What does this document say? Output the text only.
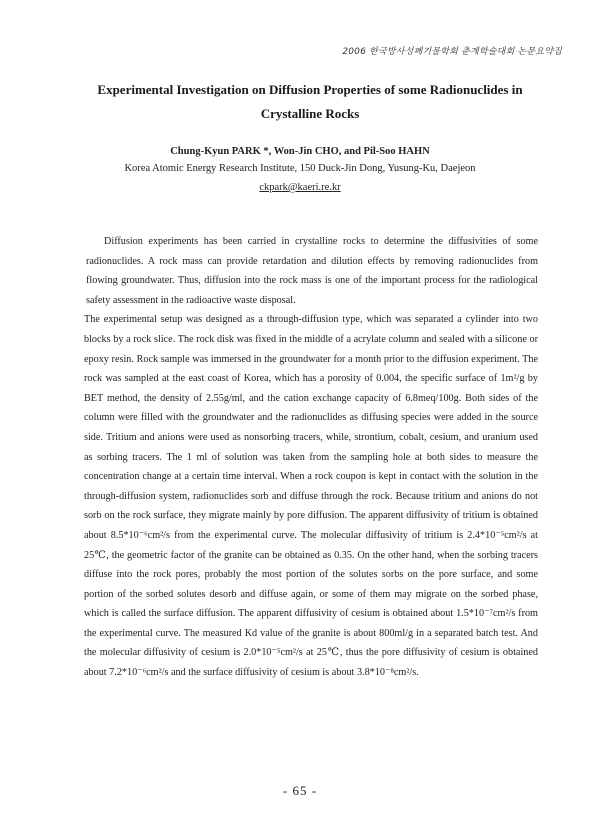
2006 한국방사성폐기물학회 춘계학술대회 논문요약집
Experimental Investigation on Diffusion Properties of some Radionuclides in
Crystalline Rocks
Chung-Kyun PARK *, Won-Jin CHO, and Pil-Soo HAHN
Korea Atomic Energy Research Institute, 150 Duck-Jin Dong, Yusung-Ku, Daejeon
ckpark@kaeri.re.kr

Diffusion experiments has been carried in crystalline rocks to determine the diffusivities of some radionuclides. A rock mass can provide retardation and dilution effects by removing radionuclides from flowing groundwater. Thus, diffusion into the rock mass is one of the important process for the radiological safety assessment in the radioactive waste disposal.

The experimental setup was designed as a through-diffusion type, which was separated a cylinder into two blocks by a rock slice. The rock disk was fixed in the middle of a acrylate column and sealed with a silicone or epoxy resin. Rock sample was immersed in the groundwater for a month prior to the diffusion experiment. The rock was sampled at the east coast of Korea, which has a porosity of 0.004, the specific surface of 1m²/g by BET method, the density of 2.55g/ml, and the cation exchange capacity of 6.8meq/100g. Both sides of the column were filled with the groundwater and the radionuclides as diffusing species were added in the source side. Tritium and anions were used as nonsorbing tracers, while, strontium, cobalt, cesium, and uranium used as sorbing tracers. The 1 ml of solution was taken from the sampling hole at both sides to measure the concentration change at a certain time interval. When a rock coupon is kept in contact with the solution in the through-diffusion system, radionuclides sorb and diffuse through the rock. Because tritium and anions do not sorb on the rock surface, they migrate mainly by pore diffusion. The apparent diffusivity of tritium is obtained about 8.5*10⁻⁶cm²/s from the experimental curve. The molecular diffusivity of tritium is 2.4*10⁻⁵cm²/s at 25℃, the geometric factor of the granite can be obtained as 0.35. On the other hand, when the sorbing tracers diffuse into the rock pores, probably the most portion of the solutes sorbs on the pore surface, and some portion of the sorbed solutes desorb and diffuse again, or some of them may migrate on the sorbed phase, which is called the surface diffusion. The apparent diffusivity of cesium is obtained about 1.5*10⁻⁷cm²/s from the experimental curve. The measured Kd value of the granite is about 800ml/g in a separated batch test. And the molecular diffusivity of cesium is 2.0*10⁻⁵cm²/s at 25℃, thus the pore diffusivity of cesium is obtained about 7.2*10⁻⁶cm²/s and the surface diffusivity of cesium is about 3.8*10⁻⁸cm²/s.

- 65 -
